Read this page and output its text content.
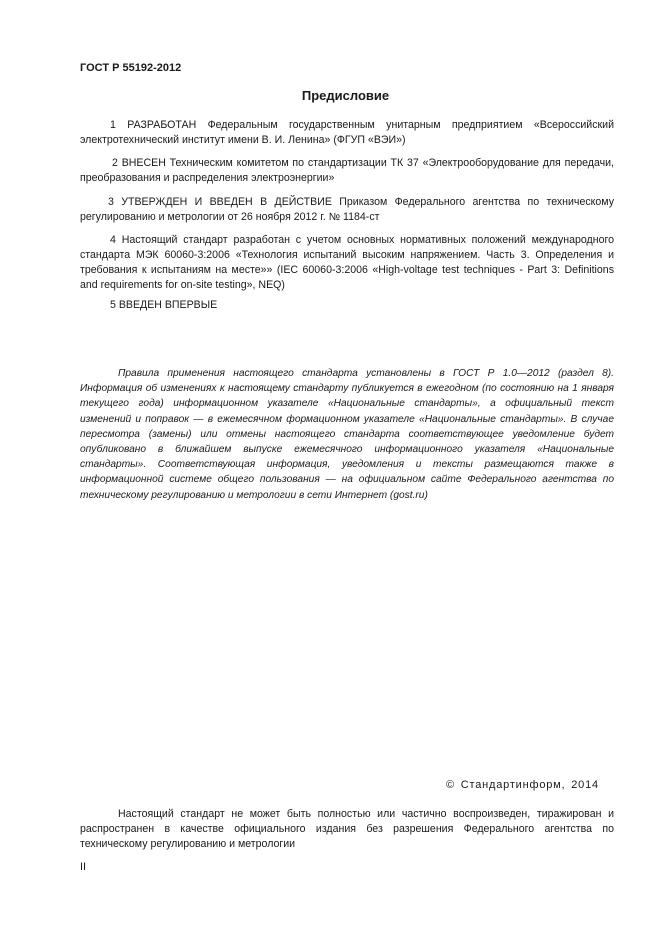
ГОСТ Р 55192-2012
Предисловие
1 РАЗРАБОТАН Федеральным государственным унитарным предприятием «Всероссийский электротехнический институт имени В. И. Ленина» (ФГУП «ВЭИ»)
2 ВНЕСЕН Техническим комитетом по стандартизации ТК 37 «Электрооборудование для передачи, преобразования и распределения электроэнергии»
3 УТВЕРЖДЕН И ВВЕДЕН В ДЕЙСТВИЕ Приказом Федерального агентства по техническому регулированию и метрологии от 26 ноября 2012 г. № 1184-ст
4 Настоящий стандарт разработан с учетом основных нормативных положений международного стандарта МЭК 60060-3:2006 «Технология испытаний высоким напряжением. Часть 3. Определения и требования к испытаниям на месте»» (IEC 60060-3:2006 «High-voltage test techniques - Part 3: Definitions and requirements for on-site testing», NEQ)
5 ВВЕДЕН ВПЕРВЫЕ
Правила применения настоящего стандарта установлены в ГОСТ Р 1.0—2012 (раздел 8). Информация об изменениях к настоящему стандарту публикуется в ежегодном (по состоянию на 1 января текущего года) информационном указателе «Национальные стандарты», а официальный текст изменений и поправок — в ежемесячном формационном указателе «Национальные стандарты». В случае пересмотра (замены) или отмены настоящего стандарта соответствующее уведомление будет опубликовано в ближайшем выпуске ежемесячного информационного указателя «Национальные стандарты». Соответствующая информация, уведомления и тексты размещаются также в информационной системе общего пользования — на официальном сайте Федерального агентства по техническому регулированию и метрологии в сети Интернет (gost.ru)
© Стандартинформ, 2014
Настоящий стандарт не может быть полностью или частично воспроизведен, тиражирован и распространен в качестве официального издания без разрешения Федерального агентства по техническому регулированию и метрологии
II
